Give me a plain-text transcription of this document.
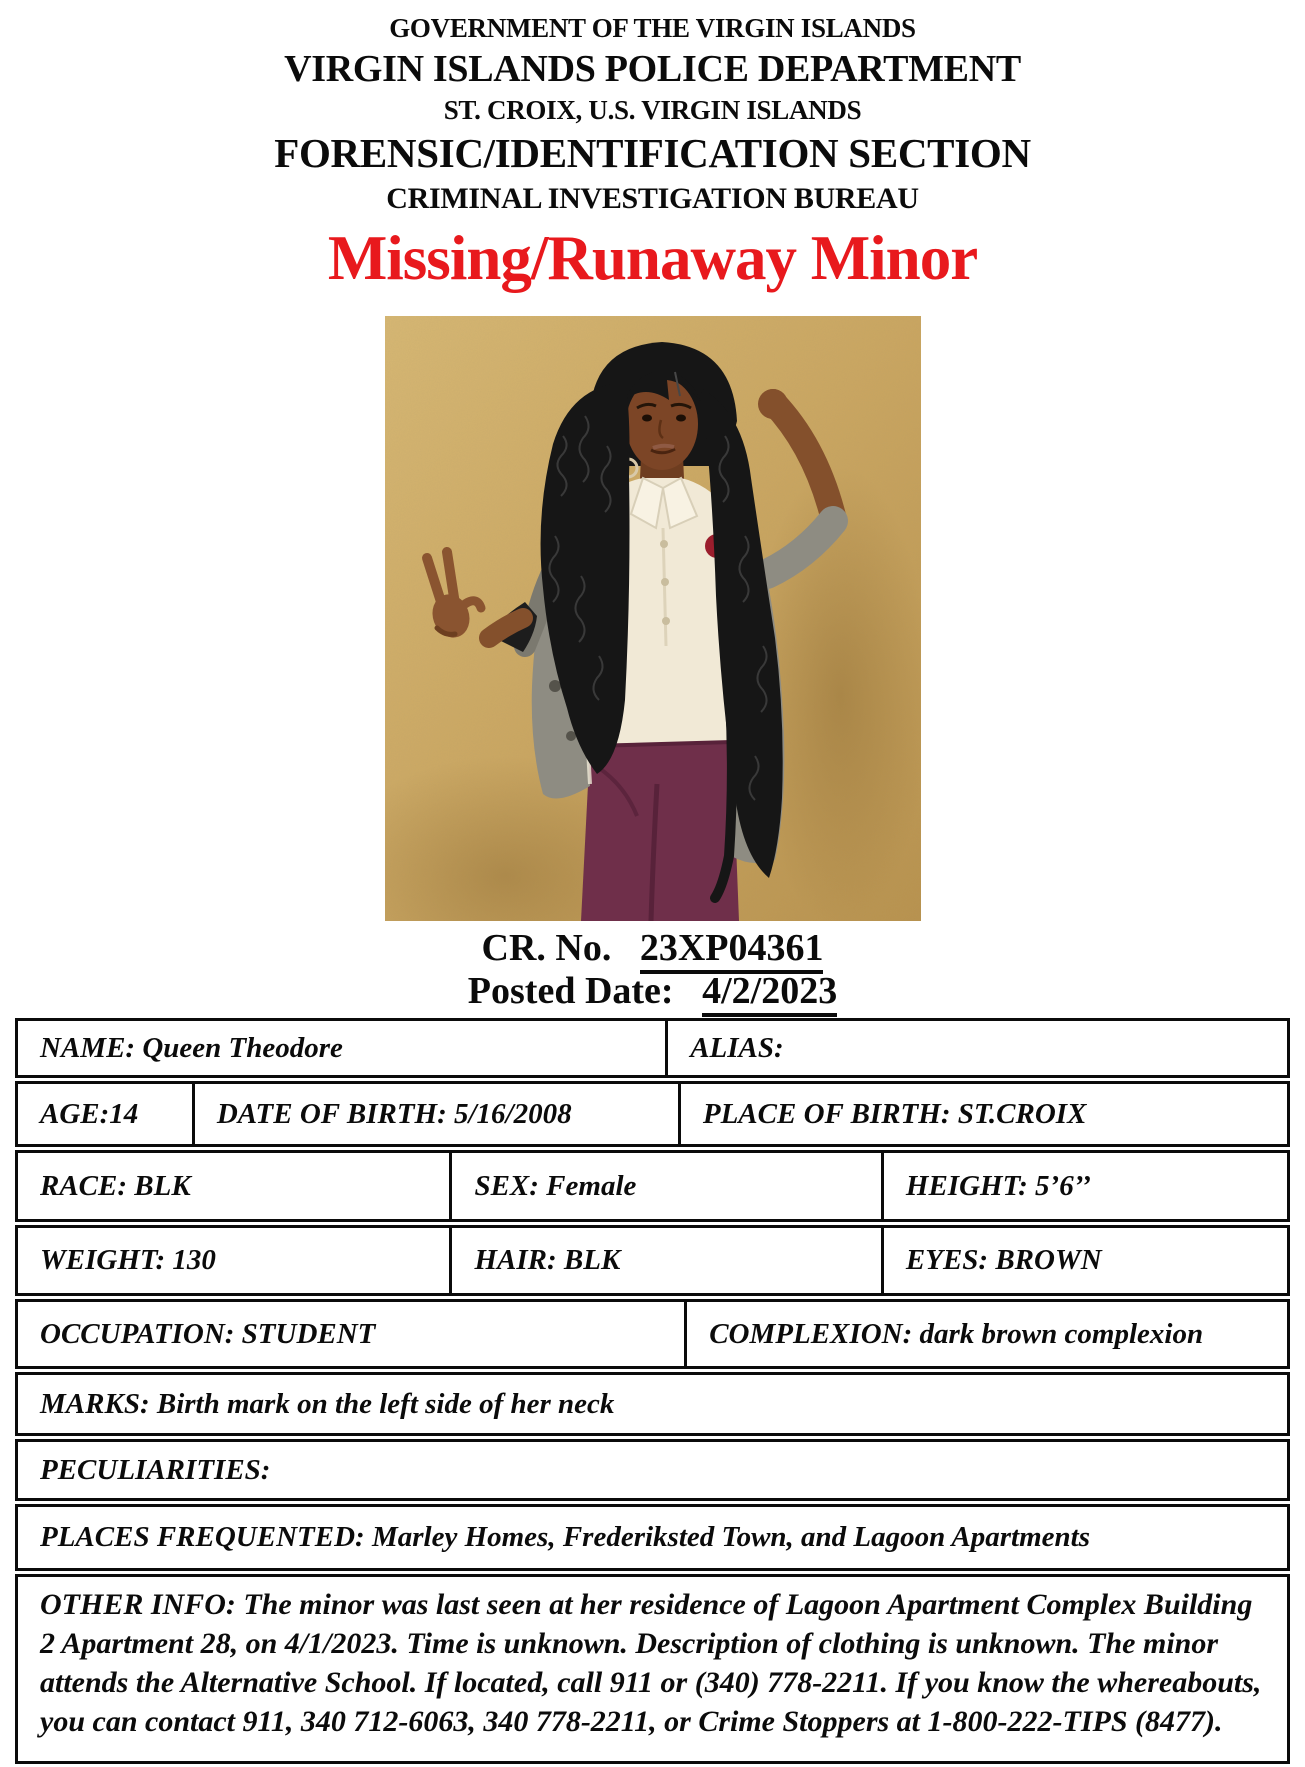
GOVERNMENT OF THE VIRGIN ISLANDS
VIRGIN ISLANDS POLICE DEPARTMENT
ST. CROIX, U.S. VIRGIN ISLANDS
FORENSIC/IDENTIFICATION SECTION
CRIMINAL INVESTIGATION BUREAU
Missing/Runaway Minor
CR. No. 23XP04361
Posted Date: 4/2/2023
NAME: Queen Theodore	ALIAS:
AGE:14	DATE OF BIRTH: 5/16/2008	PLACE OF BIRTH: ST.CROIX
RACE: BLK	SEX: Female	HEIGHT: 5’6’’
WEIGHT: 130	HAIR: BLK	EYES: BROWN
OCCUPATION: STUDENT	COMPLEXION: dark brown complexion
MARKS: Birth mark on the left side of her neck
PECULIARITIES:
PLACES FREQUENTED: Marley Homes, Frederiksted Town, and Lagoon Apartments
OTHER INFO: The minor was last seen at her residence of Lagoon Apartment Complex Building 2 Apartment 28, on 4/1/2023. Time is unknown. Description of clothing is unknown. The minor attends the Alternative School. If located, call 911 or (340) 778-2211. If you know the whereabouts, you can contact 911, 340 712-6063, 340 778-2211, or Crime Stoppers at 1-800-222-TIPS (8477).
